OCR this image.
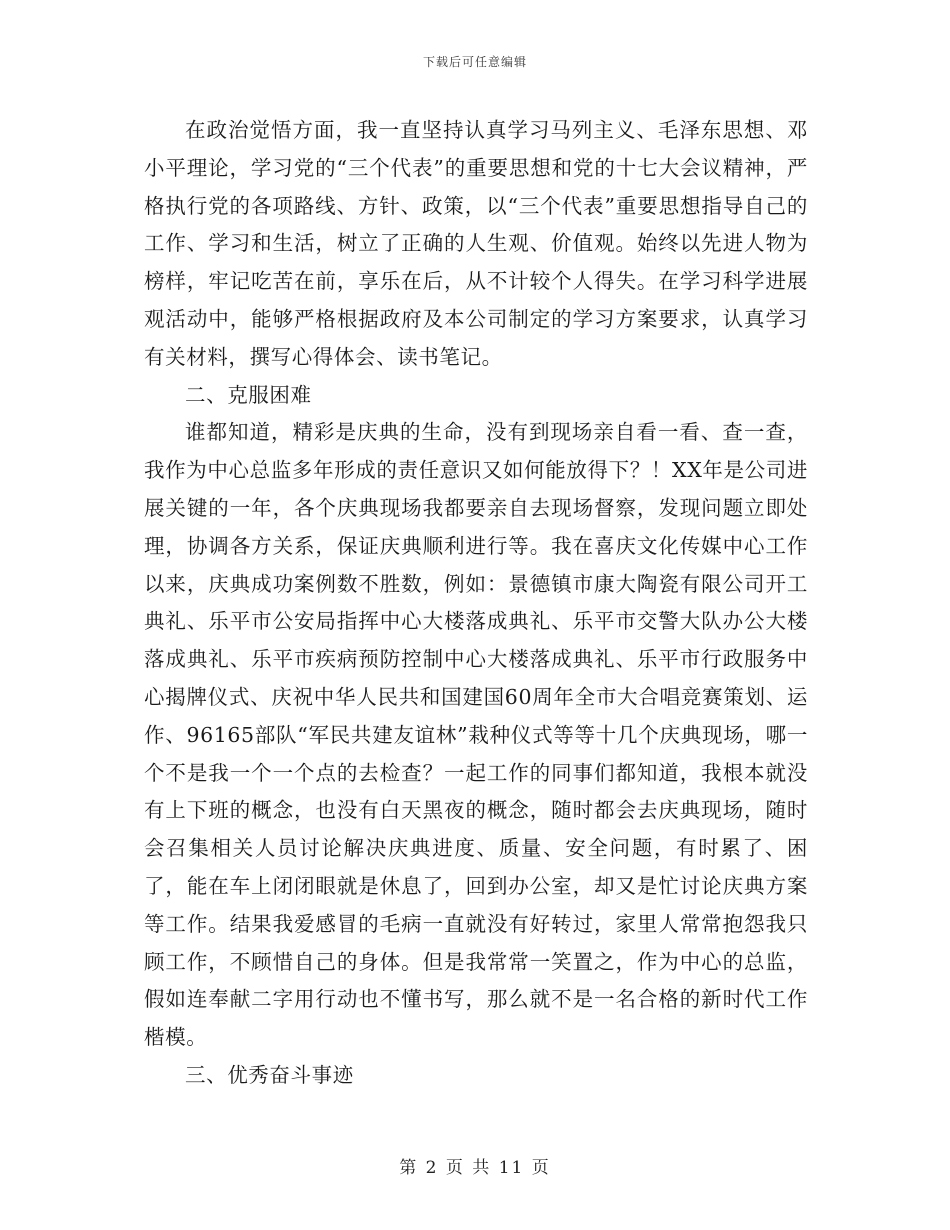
下载后可任意编辑

在政治觉悟方面，我一直坚持认真学习马列主义、毛泽东思想、邓小平理论，学习党的“三个代表”的重要思想和党的十七大会议精神，严格执行党的各项路线、方针、政策，以“三个代表”重要思想指导自己的工作、学习和生活，树立了正确的人生观、价值观。始终以先进人物为榜样，牢记吃苦在前，享乐在后，从不计较个人得失。在学习科学进展观活动中，能够严格根据政府及本公司制定的学习方案要求，认真学习有关材料，撰写心得体会、读书笔记。

二、克服困难

谁都知道，精彩是庆典的生命，没有到现场亲自看一看、查一查，我作为中心总监多年形成的责任意识又如何能放得下？！XX年是公司进展关键的一年，各个庆典现场我都要亲自去现场督察，发现问题立即处理，协调各方关系，保证庆典顺利进行等。我在喜庆文化传媒中心工作以来，庆典成功案例数不胜数，例如：景德镇市康大陶瓷有限公司开工典礼、乐平市公安局指挥中心大楼落成典礼、乐平市交警大队办公大楼落成典礼、乐平市疾病预防控制中心大楼落成典礼、乐平市行政服务中心揭牌仪式、庆祝中华人民共和国建国60周年全市大合唱竞赛策划、运作、96165部队“军民共建友谊林”栽种仪式等等十几个庆典现场，哪一个不是我一个一个点的去检查？一起工作的同事们都知道，我根本就没有上下班的概念，也没有白天黑夜的概念，随时都会去庆典现场，随时会召集相关人员讨论解决庆典进度、质量、安全问题，有时累了、困了，能在车上闭闭眼就是休息了，回到办公室，却又是忙讨论庆典方案等工作。结果我爱感冒的毛病一直就没有好转过，家里人常常抱怨我只顾工作，不顾惜自己的身体。但是我常常一笑置之，作为中心的总监，假如连奉献二字用行动也不懂书写，那么就不是一名合格的新时代工作楷模。

三、优秀奋斗事迹

第 2 页 共 11 页
